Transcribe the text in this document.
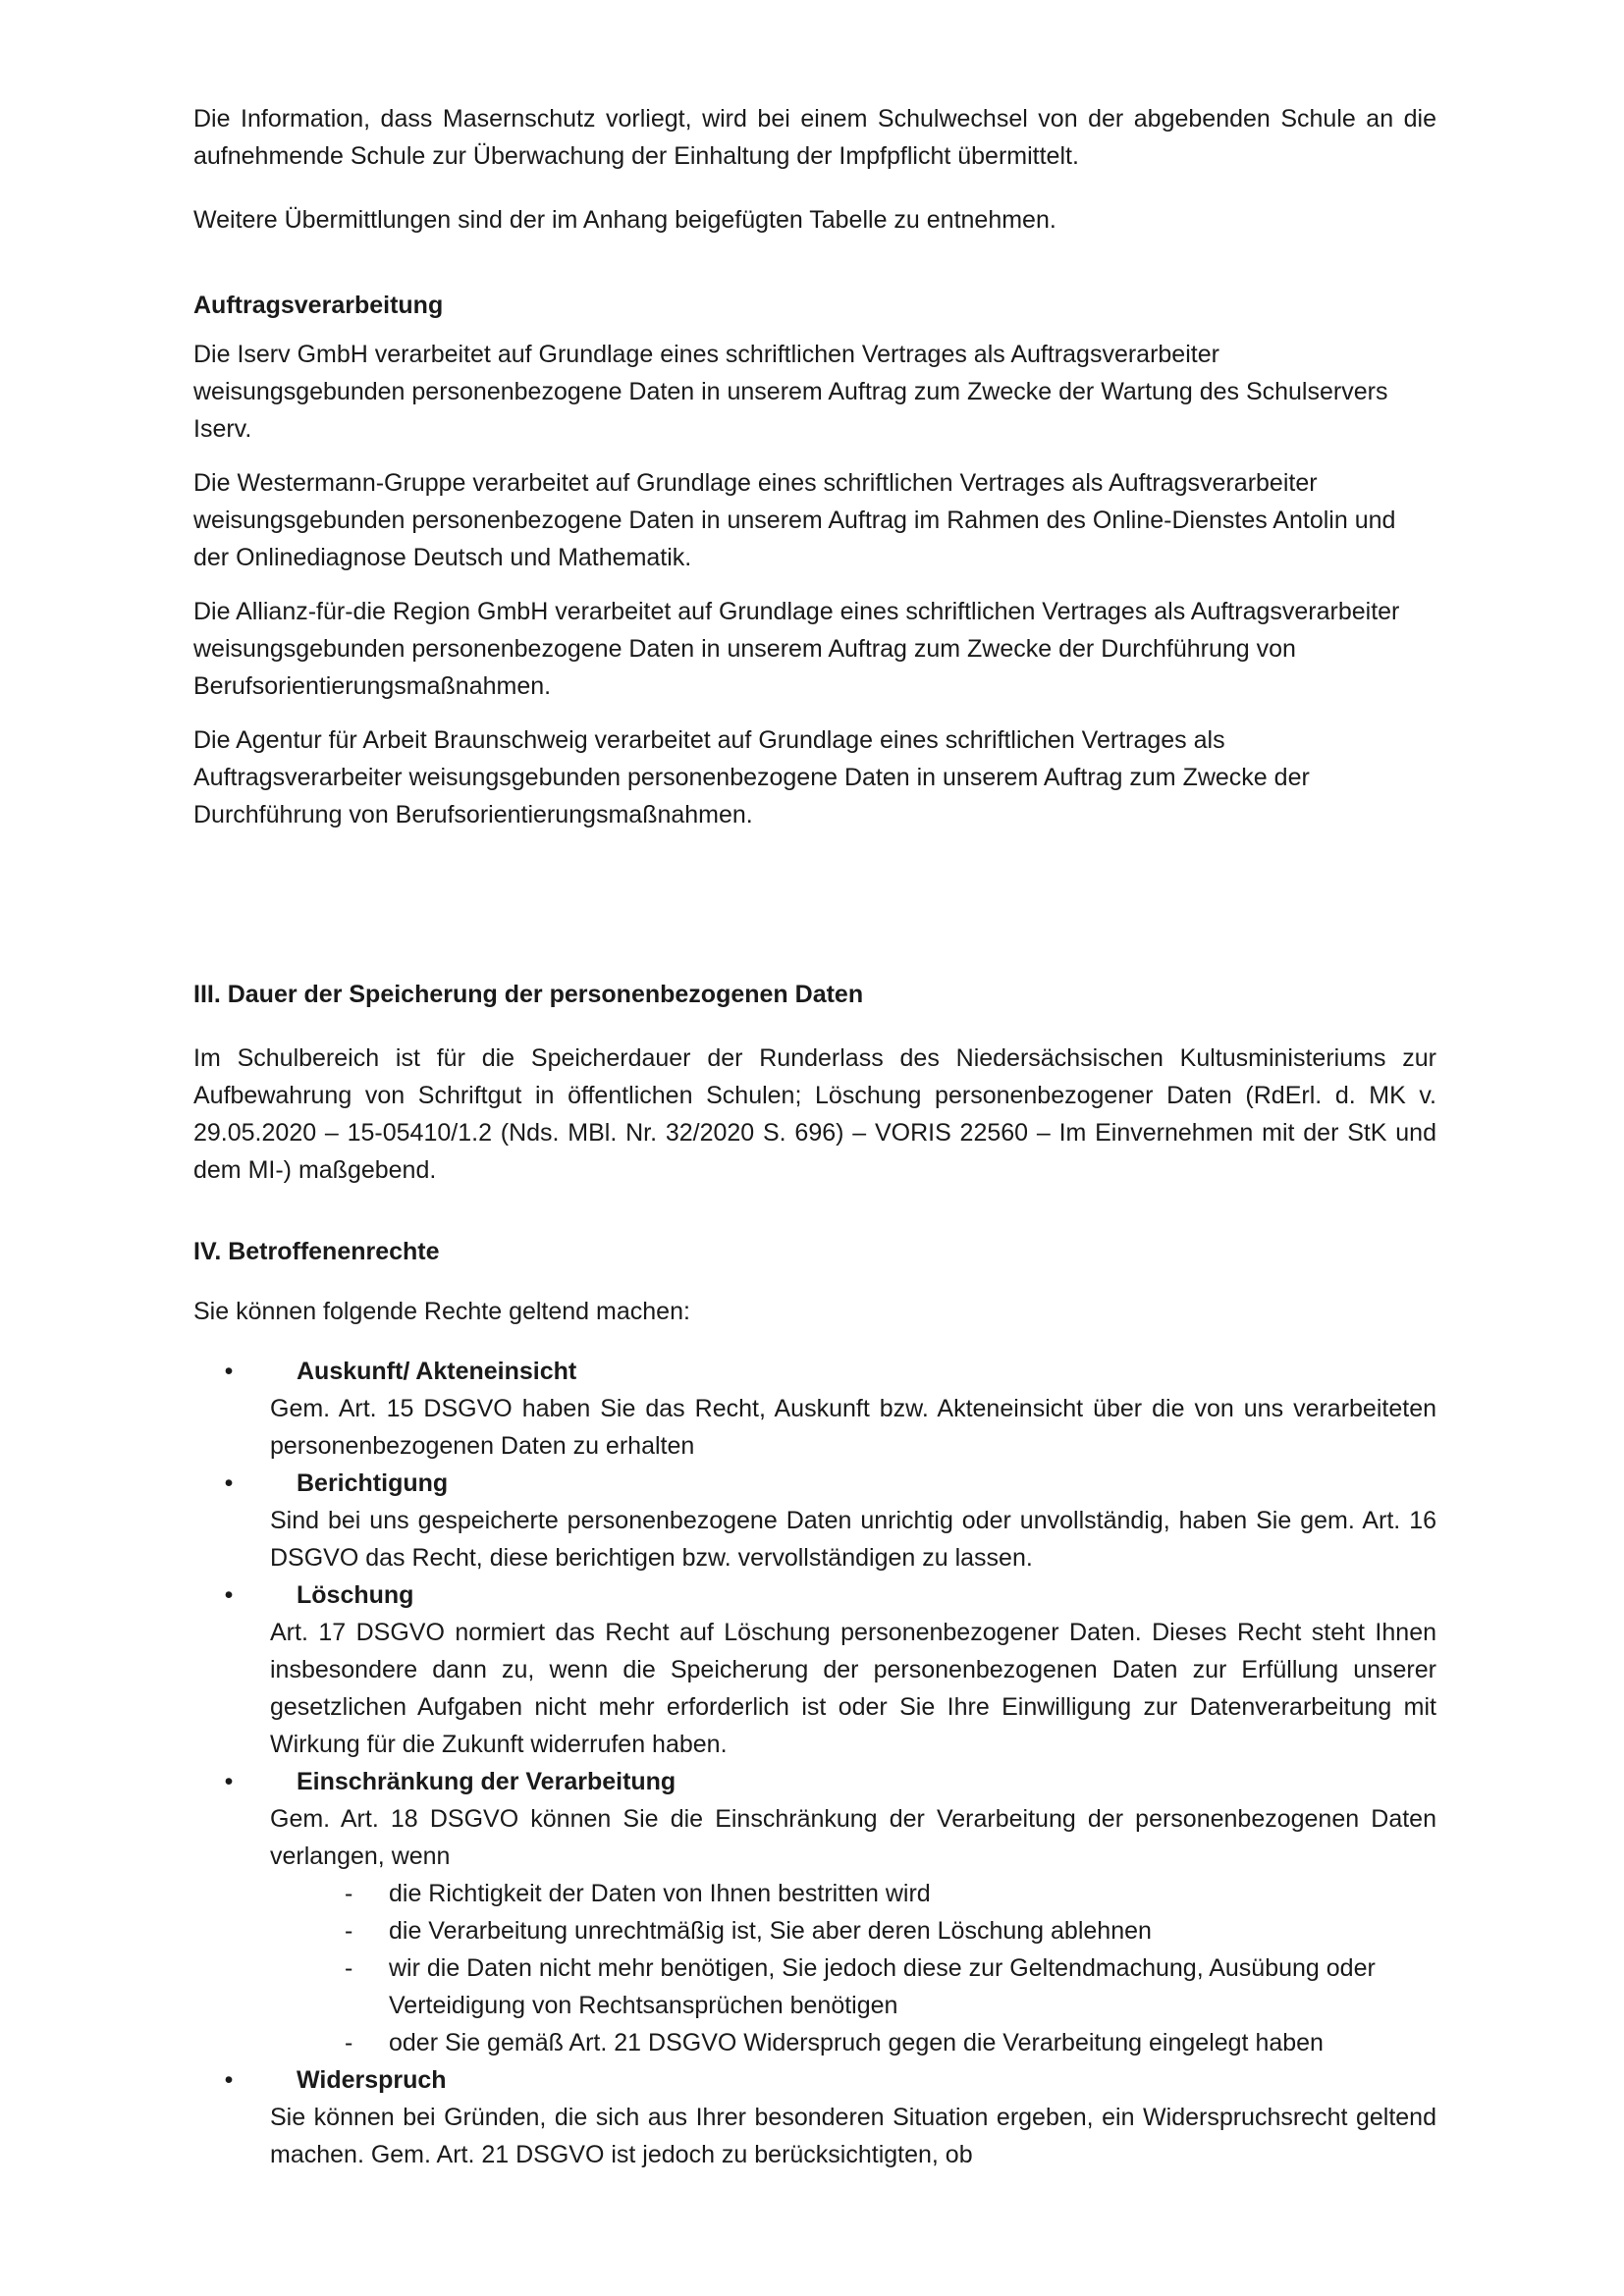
Die Information, dass Masernschutz vorliegt, wird bei einem Schulwechsel von der abgebenden Schule an die aufnehmende Schule zur Überwachung der Einhaltung der Impfpflicht übermittelt.

Weitere Übermittlungen sind der im Anhang beigefügten Tabelle zu entnehmen.

Auftragsverarbeitung

Die Iserv GmbH verarbeitet auf Grundlage eines schriftlichen Vertrages als Auftragsverarbeiter weisungsgebunden personenbezogene Daten in unserem Auftrag zum Zwecke der Wartung des Schulservers Iserv.

Die Westermann-Gruppe verarbeitet auf Grundlage eines schriftlichen Vertrages als Auftragsverarbeiter weisungsgebunden personenbezogene Daten in unserem Auftrag im Rahmen des Online-Dienstes Antolin und der Onlinediagnose Deutsch und Mathematik.

Die Allianz-für-die Region GmbH verarbeitet auf Grundlage eines schriftlichen Vertrages als Auftragsverarbeiter weisungsgebunden personenbezogene Daten in unserem Auftrag zum Zwecke der Durchführung von Berufsorientierungsmaßnahmen.

Die Agentur für Arbeit Braunschweig verarbeitet auf Grundlage eines schriftlichen Vertrages als Auftragsverarbeiter weisungsgebunden personenbezogene Daten in unserem Auftrag zum Zwecke der Durchführung von Berufsorientierungsmaßnahmen.

III. Dauer der Speicherung der personenbezogenen Daten

Im Schulbereich ist für die Speicherdauer der Runderlass des Niedersächsischen Kultusministeriums zur Aufbewahrung von Schriftgut in öffentlichen Schulen; Löschung personenbezogener Daten (RdErl. d. MK v. 29.05.2020 – 15-05410/1.2 (Nds. MBl. Nr. 32/2020 S. 696) – VORIS 22560 – Im Einvernehmen mit der StK und dem MI-) maßgebend.

IV. Betroffenenrechte

Sie können folgende Rechte geltend machen:

•	Auskunft/ Akteneinsicht
Gem. Art. 15 DSGVO haben Sie das Recht, Auskunft bzw. Akteneinsicht über die von uns verarbeiteten personenbezogenen Daten zu erhalten
•	Berichtigung
Sind bei uns gespeicherte personenbezogene Daten unrichtig oder unvollständig, haben Sie gem. Art. 16 DSGVO das Recht, diese berichtigen bzw. vervollständigen zu lassen.
•	Löschung
Art. 17 DSGVO normiert das Recht auf Löschung personenbezogener Daten. Dieses Recht steht Ihnen insbesondere dann zu, wenn die Speicherung der personenbezogenen Daten zur Erfüllung unserer gesetzlichen Aufgaben nicht mehr erforderlich ist oder Sie Ihre Einwilligung zur Datenverarbeitung mit Wirkung für die Zukunft widerrufen haben.
•	Einschränkung der Verarbeitung
Gem. Art. 18 DSGVO können Sie die Einschränkung der Verarbeitung der personenbezogenen Daten verlangen, wenn
- die Richtigkeit der Daten von Ihnen bestritten wird
- die Verarbeitung unrechtmäßig ist, Sie aber deren Löschung ablehnen
- wir die Daten nicht mehr benötigen, Sie jedoch diese zur Geltendmachung, Ausübung oder Verteidigung von Rechtsansprüchen benötigen
- oder Sie gemäß Art. 21 DSGVO Widerspruch gegen die Verarbeitung eingelegt haben
•	Widerspruch
Sie können bei Gründen, die sich aus Ihrer besonderen Situation ergeben, ein Widerspruchsrecht geltend machen. Gem. Art. 21 DSGVO ist jedoch zu berücksichtigten, ob
